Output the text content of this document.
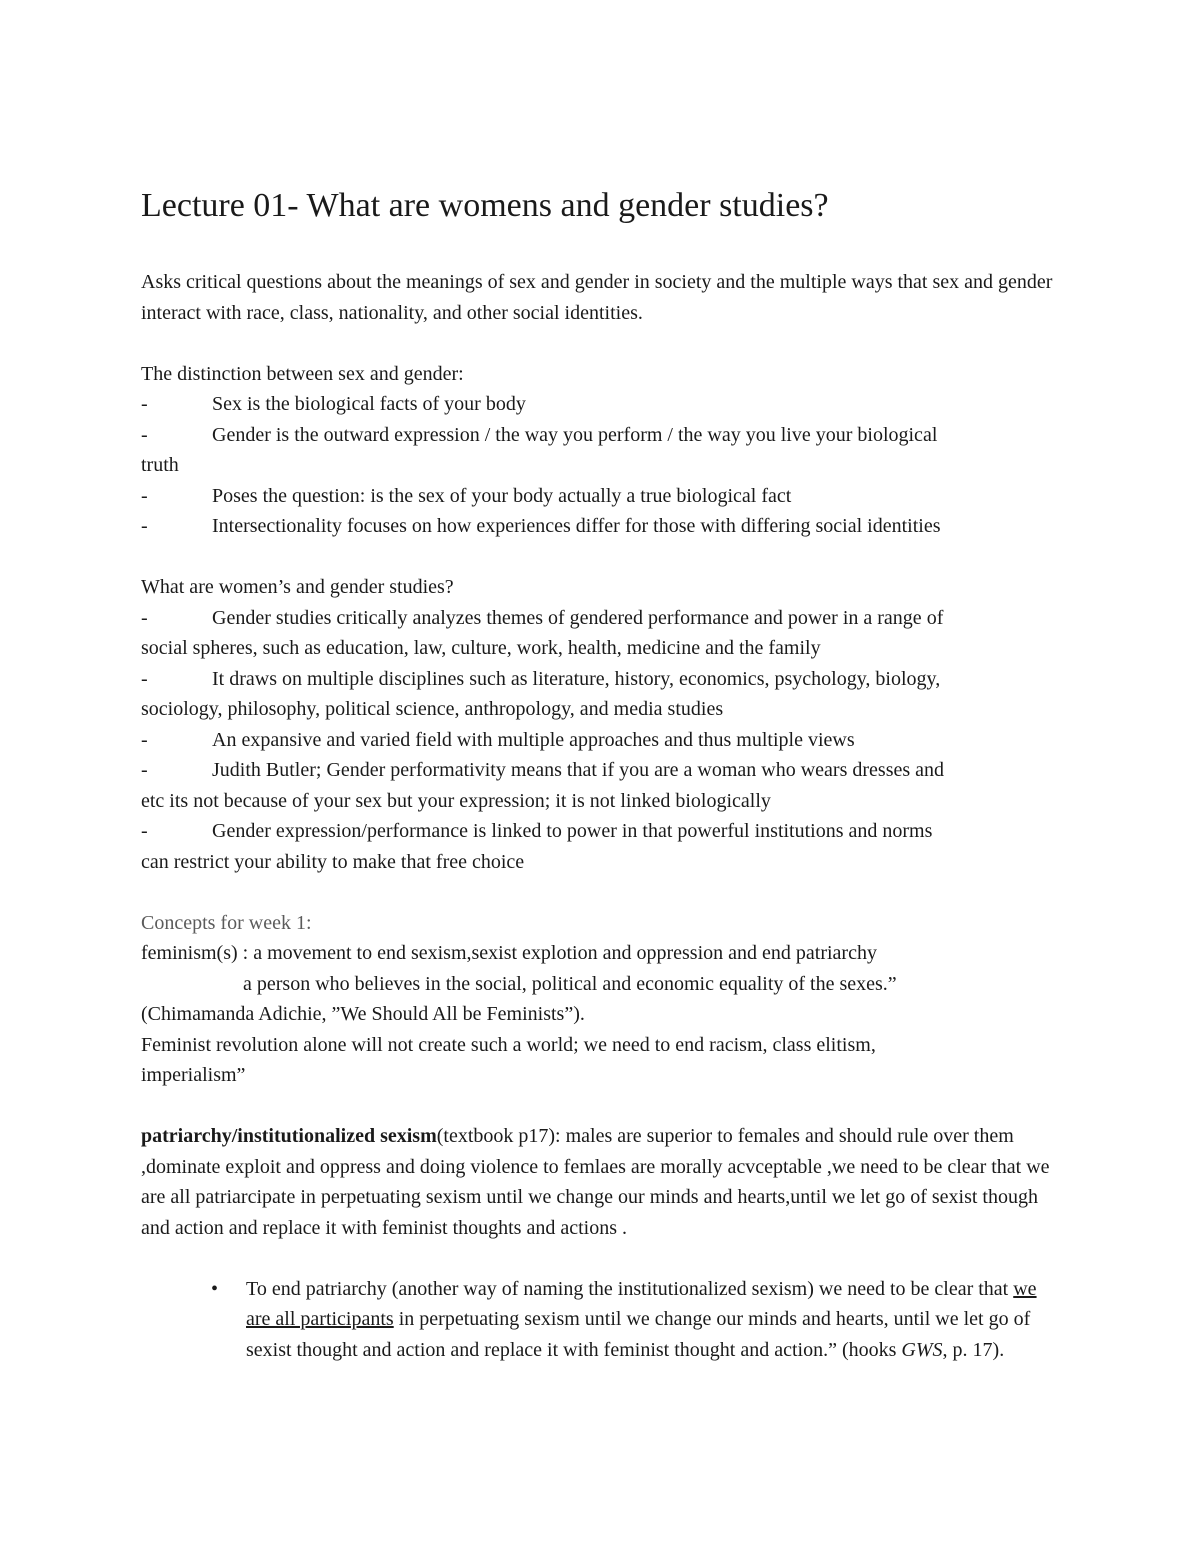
Lecture 01- What are womens and gender studies?

Asks critical questions about the meanings of sex and gender in society and the multiple ways that sex and gender interact with race, class, nationality, and other social identities.

The distinction between sex and gender:

-	Sex is the biological facts of your body
-	Gender is the outward expression / the way you perform / the way you live your biological

truth

-	Poses the question: is the sex of your body actually a true biological fact
-	Intersectionality focuses on how experiences differ for those with differing social identities

What are women’s and gender studies?

-	Gender studies critically analyzes themes of gendered performance and power in a range of

social spheres, such as education, law, culture, work, health, medicine and the family

-	It draws on multiple disciplines such as literature, history, economics, psychology, biology,

sociology, philosophy, political science, anthropology, and media studies

-	An expansive and varied field with multiple approaches and thus multiple views
-	Judith Butler; Gender performativity means that if you are a woman who wears dresses and

etc its not because of your sex but your expression; it is not linked biologically

-	Gender expression/performance is linked to power in that powerful institutions and norms

can restrict your ability to make that free choice

Concepts for week 1:

feminism(s) : a movement to end sexism,sexist explotion and oppression and end patriarchy

a person who believes in the social, political and economic equality of the sexes.”

(Chimamanda Adichie, ”We Should All be Feminists”).

Feminist revolution alone will not create such a world; we need to end racism, class elitism,

imperialism”

patriarchy/institutionalized sexism(textbook p17): males are superior to females and should rule over them ,dominate exploit and oppress and doing violence to femlaes are morally acvceptable ,we need to be clear that we are all patriarcipate in perpetuating sexism until we change our minds and hearts,until we let go of sexist though and action and replace it with feminist thoughts and actions .

• To end patriarchy (another way of naming the institutionalized sexism) we need to be clear that we are all participants in perpetuating sexism until we change our minds and hearts, until we let go of sexist thought and action and replace it with feminist thought and action.” (hooks GWS, p. 17).
